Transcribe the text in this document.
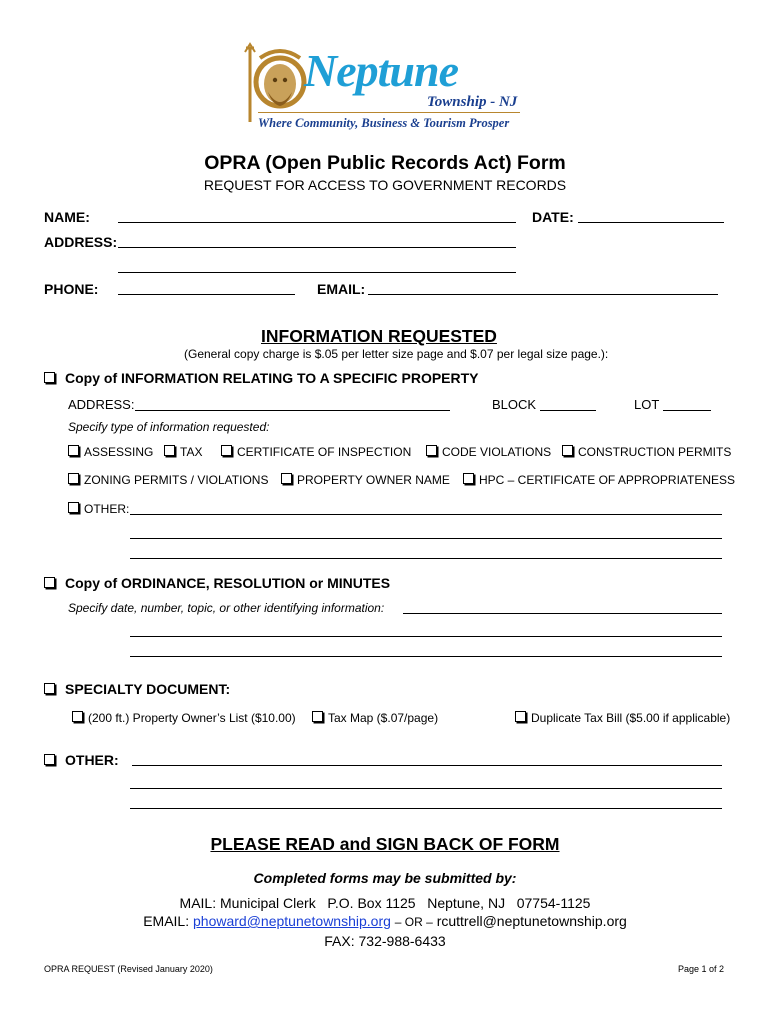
Neptune
Township - NJ
Where Community, Business & Tourism Prosper
OPRA (Open Public Records Act) Form
REQUEST FOR ACCESS TO GOVERNMENT RECORDS
NAME:	DATE:
ADDRESS:
PHONE:	EMAIL:
INFORMATION REQUESTED
(General copy charge is $.05 per letter size page and $.07 per legal size page.):
Copy of INFORMATION RELATING TO A SPECIFIC PROPERTY
ADDRESS:	BLOCK	LOT
Specify type of information requested:
ASSESSING	TAX	CERTIFICATE OF INSPECTION	CODE VIOLATIONS	CONSTRUCTION PERMITS
ZONING PERMITS / VIOLATIONS	PROPERTY OWNER NAME	HPC – CERTIFICATE OF APPROPRIATENESS
OTHER:
Copy of ORDINANCE, RESOLUTION or MINUTES
Specify date, number, topic, or other identifying information:
SPECIALTY DOCUMENT:
(200 ft.) Property Owner’s List ($10.00)	Tax Map ($.07/page)	Duplicate Tax Bill ($5.00 if applicable)
OTHER:
PLEASE READ and SIGN BACK OF FORM
Completed forms may be submitted by:
MAIL: Municipal Clerk   P.O. Box 1125   Neptune, NJ   07754-1125
EMAIL: phoward@neptunetownship.org – OR – rcuttrell@neptunetownship.org
FAX: 732-988-6433
OPRA REQUEST (Revised January 2020)	Page 1 of 2
